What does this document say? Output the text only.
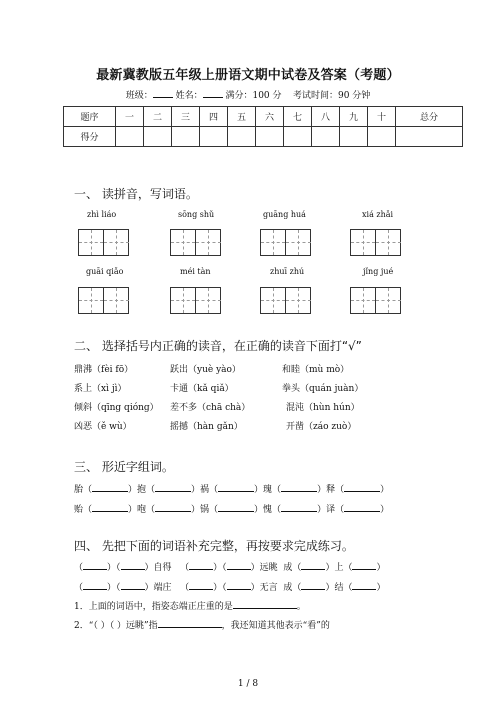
最新冀教版五年级上册语文期中试卷及答案（考题）
班级：	姓名：	满分：100 分 考试时间：90 分钟
题序	一	二	三	四	五	六	七	八	九	十	总分
得分											
一、 读拼音，写词语。
zhì liáo	sōng shǔ	guāng huá	xiá zhǎi
guāi qiǎo	méi tàn	zhuī zhú	jǐng jué
二、 选择括号内正确的读音，在正确的读音下面打“√”
鼎沸（fèi fō）	跃出（yuè yào）	和睦（mù mò）
系上（xì jì）	卡通（kǎ qiǎ）	拳头（quán juàn）
倾斜（qīng qióng） 差不多（chā chà）	混沌（hùn hún）
凶恶（ě wù）	摇撼（hàn gǎn）	开凿（záo zuò）
三、 形近字组词。
胎（	）抱（	）祸（	）瑰（	）释（	）
贻（	）咆（	）锅（	）愧（	）译（	）
四、 先把下面的词语补充完整，再按要求完成练习。
（	）（	）自得 （	）（	）远眺 成（	）上（	）
（	）（	）端庄 （	）（	）无言 成（	）结（	）
1．上面的词语中，指姿态端正庄重的是	。
2．“（ ）（ ）远眺”指	，我还知道其他表示“看”的
1 / 8
